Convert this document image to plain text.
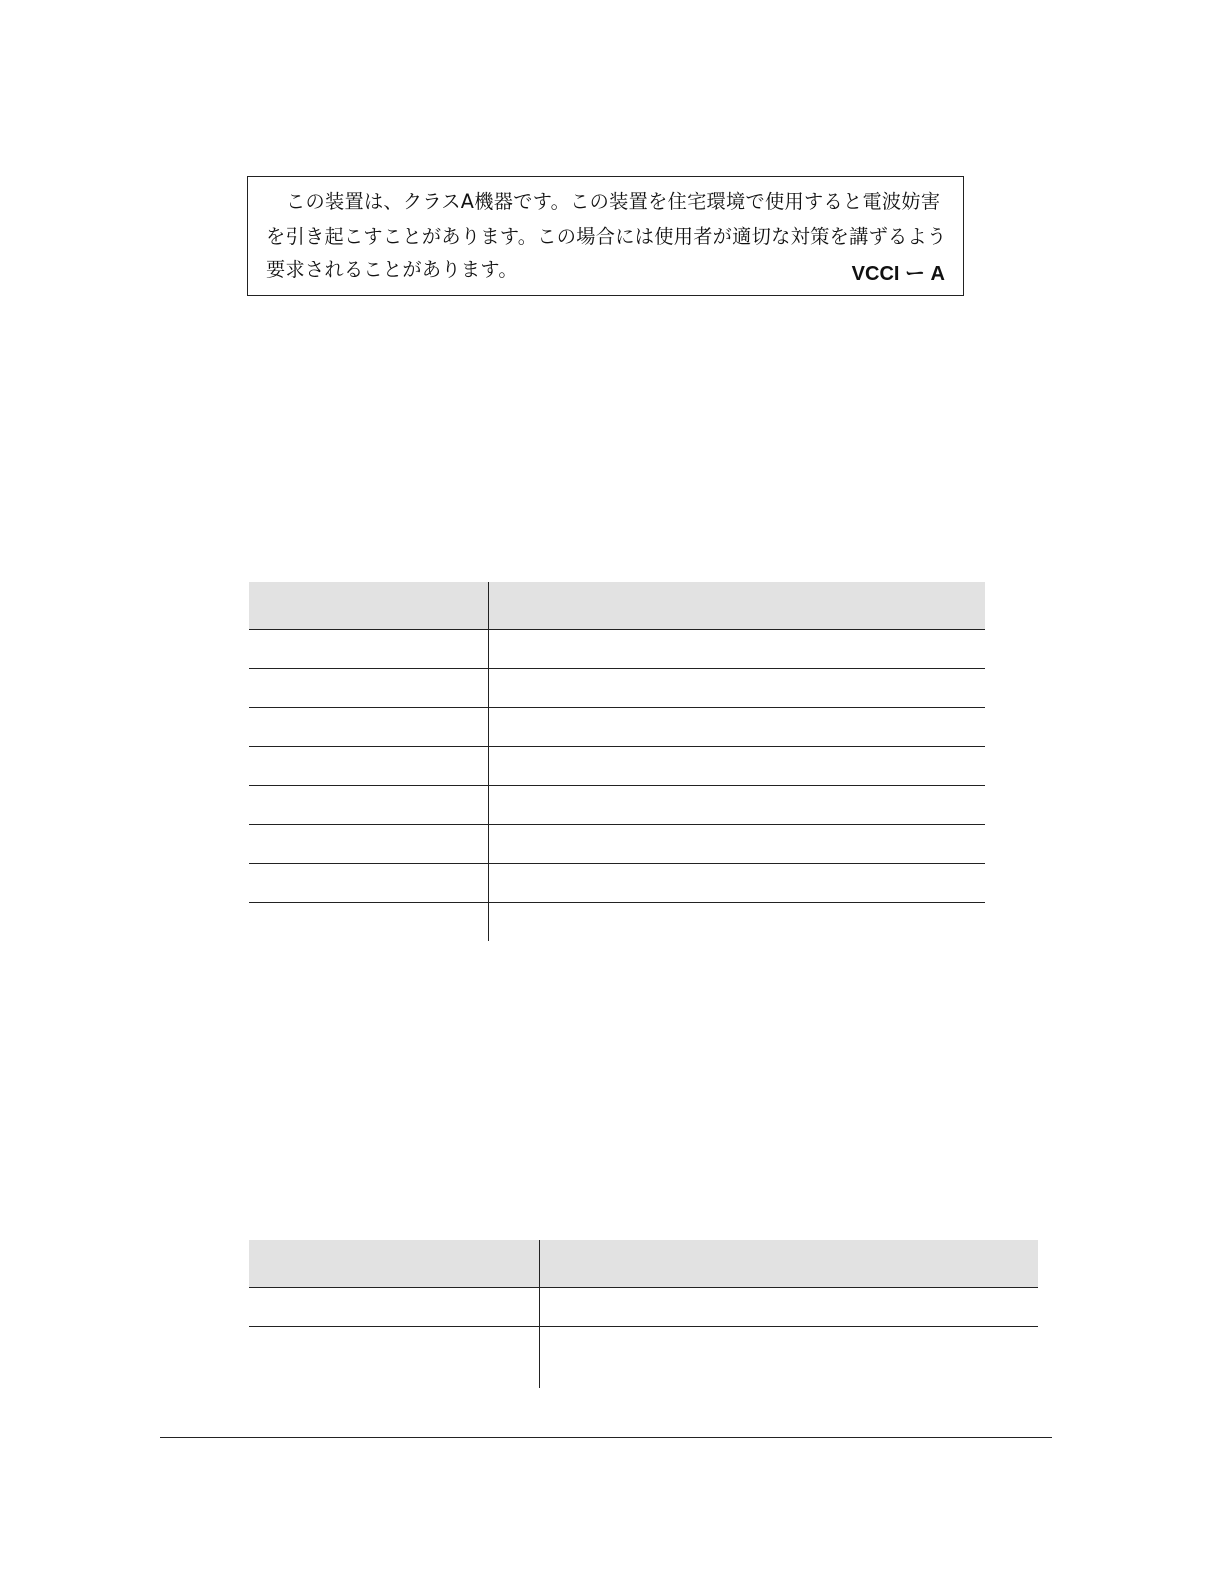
この装置は、クラスA機器です。この装置を住宅環境で使用すると電波妨害
を引き起こすことがあります。この場合には使用者が適切な対策を講ずるよう
要求されることがあります。	VCCI ー A
